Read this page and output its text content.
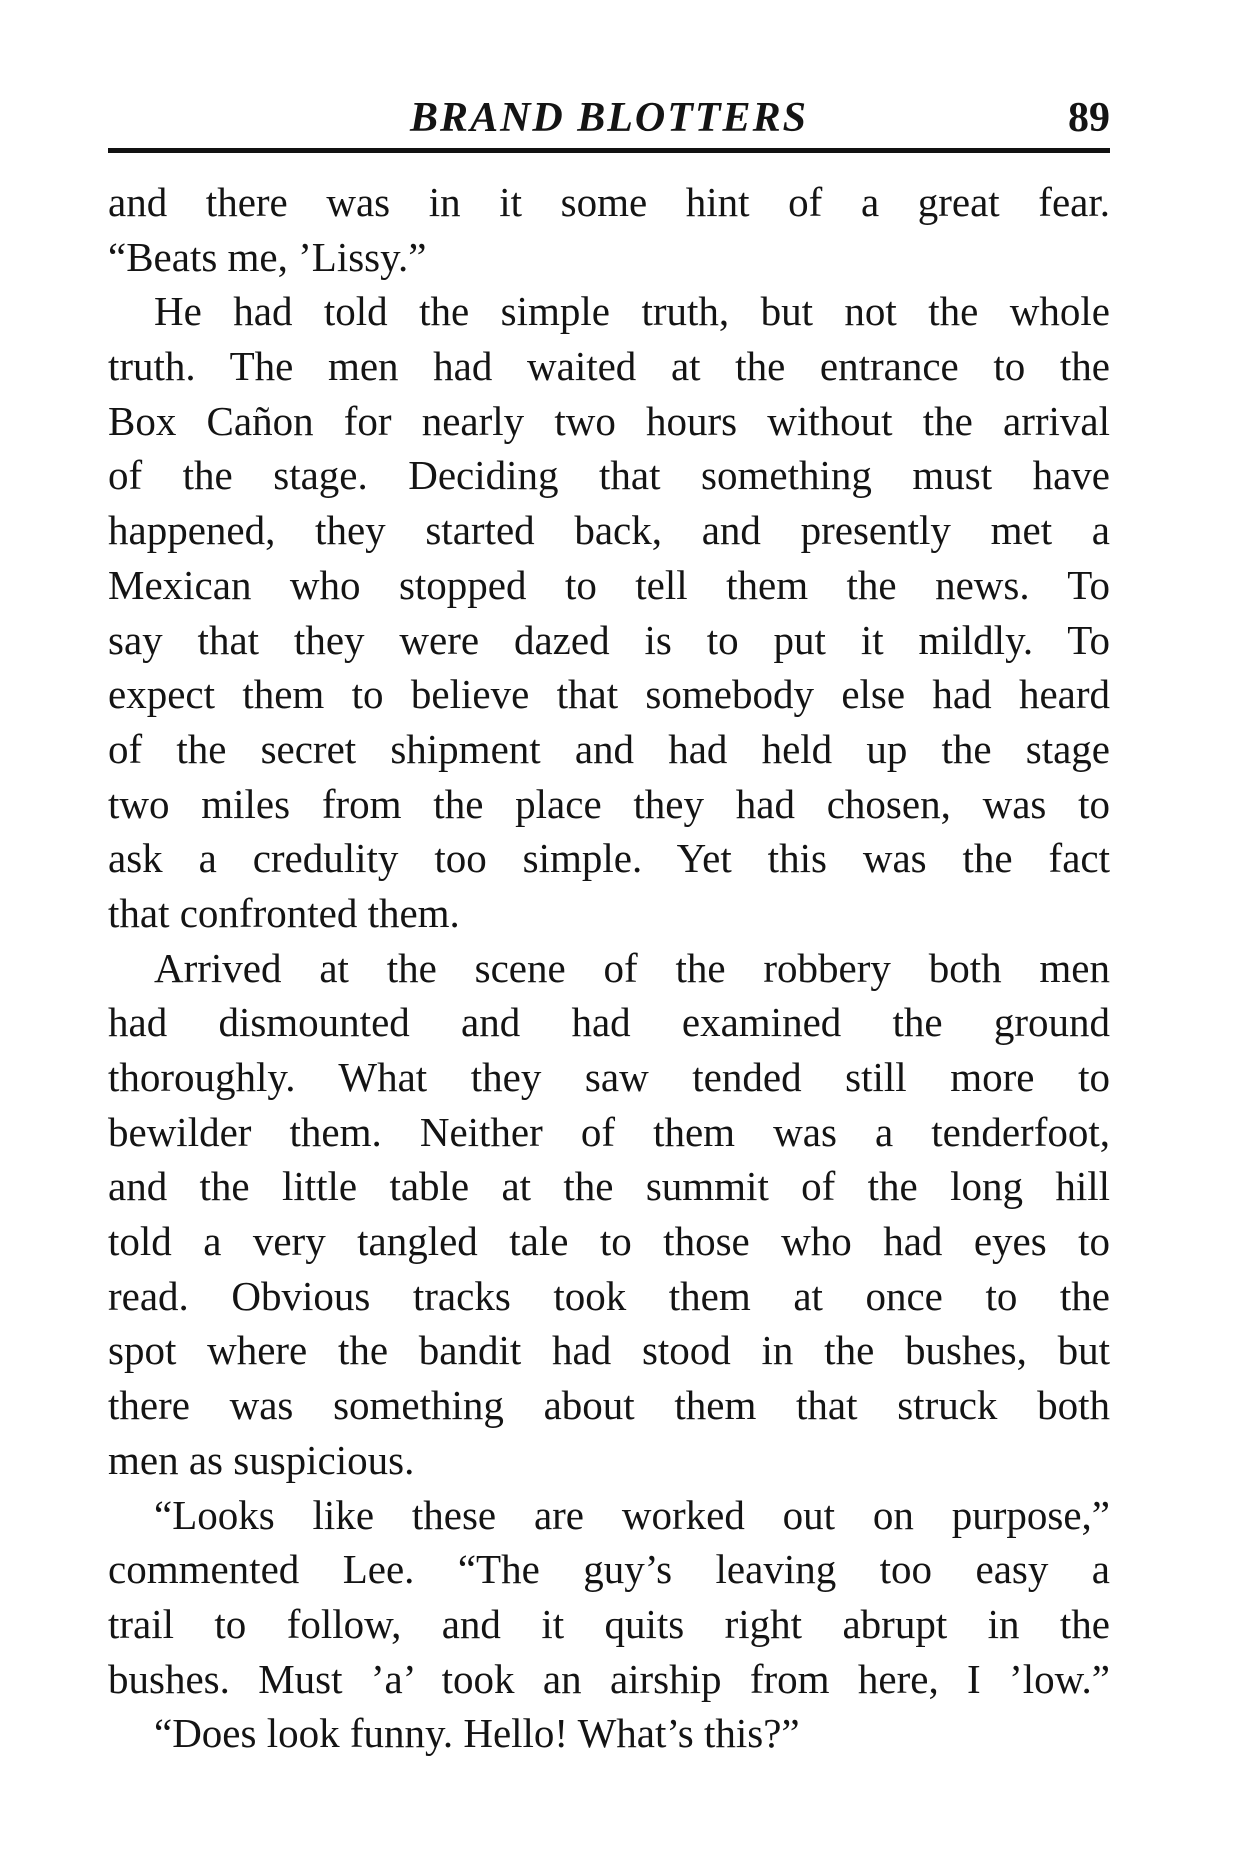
BRAND BLOTTERS	89
and there was in it some hint of a great fear.
“Beats me, ’Lissy.”
He had told the simple truth, but not the whole
truth. The men had waited at the entrance to the
Box Cañon for nearly two hours without the arrival
of the stage. Deciding that something must have
happened, they started back, and presently met a
Mexican who stopped to tell them the news. To
say that they were dazed is to put it mildly. To
expect them to believe that somebody else had heard
of the secret shipment and had held up the stage
two miles from the place they had chosen, was to
ask a credulity too simple. Yet this was the fact
that confronted them.
Arrived at the scene of the robbery both men
had dismounted and had examined the ground
thoroughly. What they saw tended still more to
bewilder them. Neither of them was a tenderfoot,
and the little table at the summit of the long hill
told a very tangled tale to those who had eyes to
read. Obvious tracks took them at once to the
spot where the bandit had stood in the bushes, but
there was something about them that struck both
men as suspicious.
“Looks like these are worked out on purpose,”
commented Lee. “The guy’s leaving too easy a
trail to follow, and it quits right abrupt in the
bushes. Must ’a’ took an airship from here, I ’low.”
“Does look funny. Hello! What’s this?”
